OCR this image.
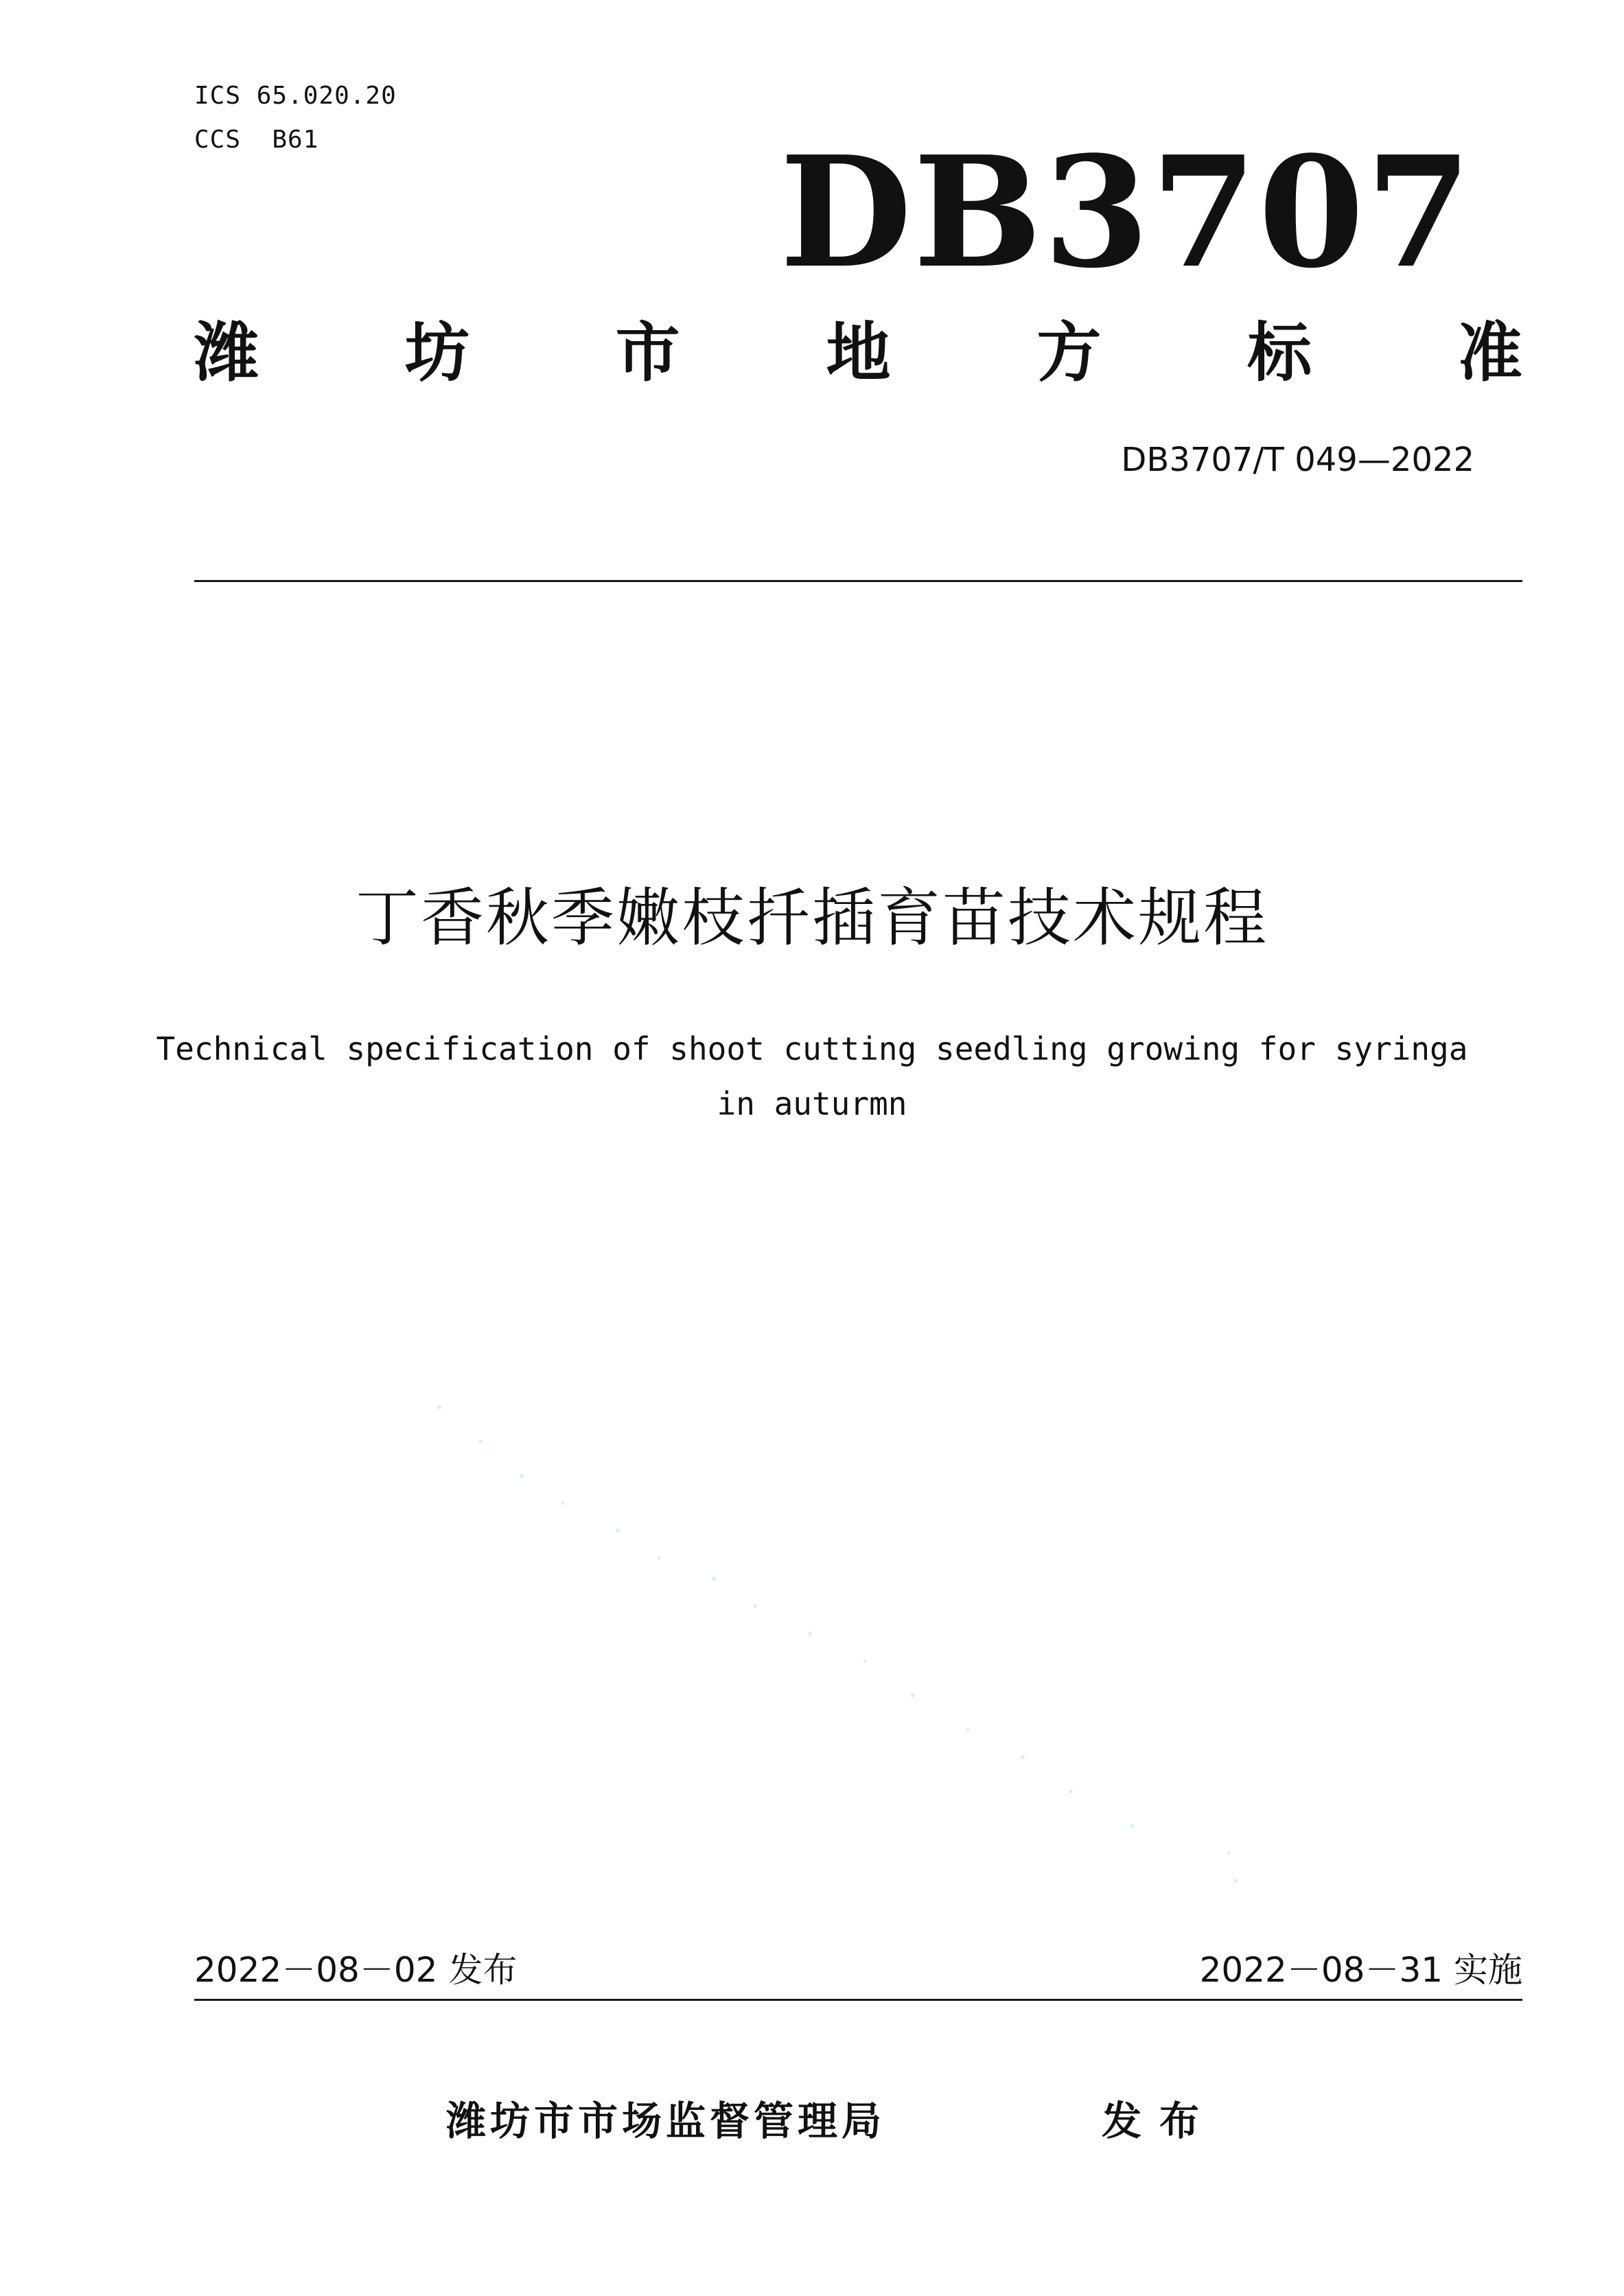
ICS 65.020.20
CCS  B61	DB3707
潍 坊 市 地 方 标 准
DB3707/T 049—2022
丁香秋季嫩枝扦插育苗技术规程
Technical specification of shoot cutting seedling growing for syringa
in auturmn
2022－08－02 发布	2022－08－31 实施
潍坊市市场监督管理局	发布
